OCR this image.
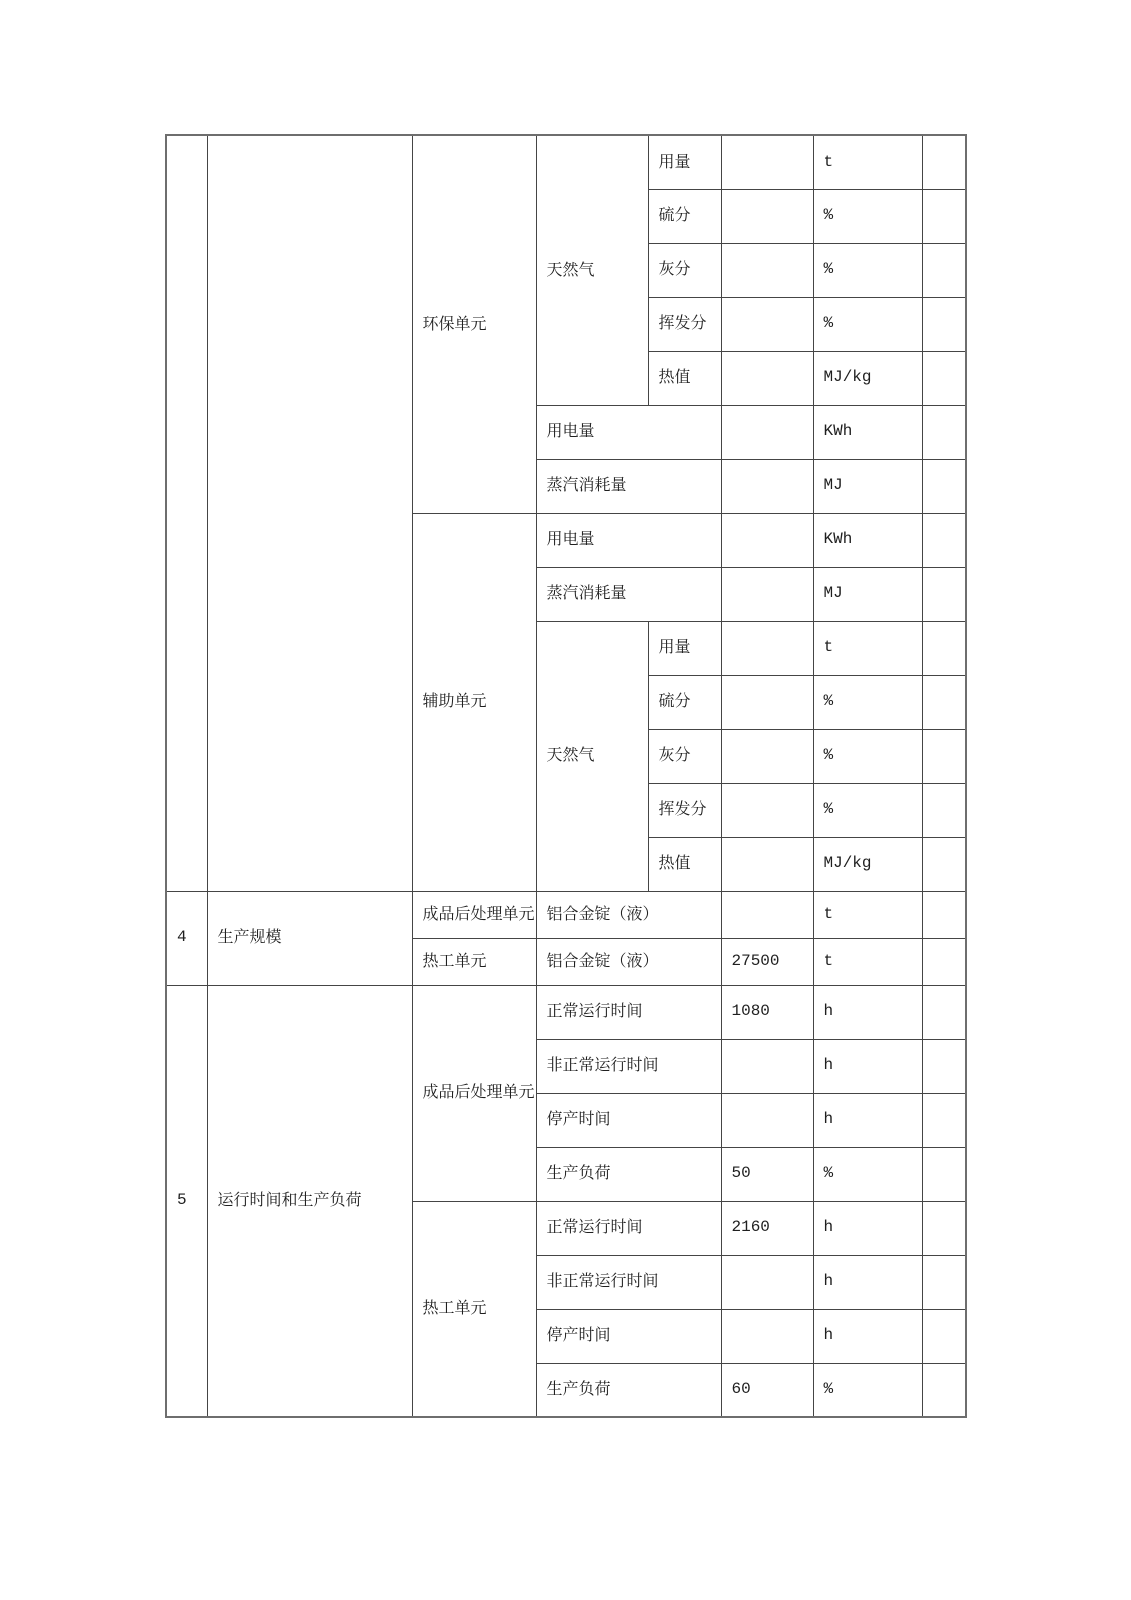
		环保单元	天然气	用量		t	
				硫分		%	
				灰分		%	
				挥发分		%	
				热值		MJ/kg	
			用电量			KWh	
			蒸汽消耗量			MJ	
		辅助单元	用电量			KWh	
			蒸汽消耗量			MJ	
			天然气	用量		t	
				硫分		%	
				灰分		%	
				挥发分		%	
				热值		MJ/kg	
4	生产规模	成品后处理单元	铝合金锭（液）			t	
		热工单元	铝合金锭（液）		27500	t	
5	运行时间和生产负荷	成品后处理单元	正常运行时间		1080	h	
			非正常运行时间			h	
			停产时间			h	
			生产负荷		50	%	
		热工单元	正常运行时间		2160	h	
			非正常运行时间			h	
			停产时间			h	
			生产负荷		60	%	
